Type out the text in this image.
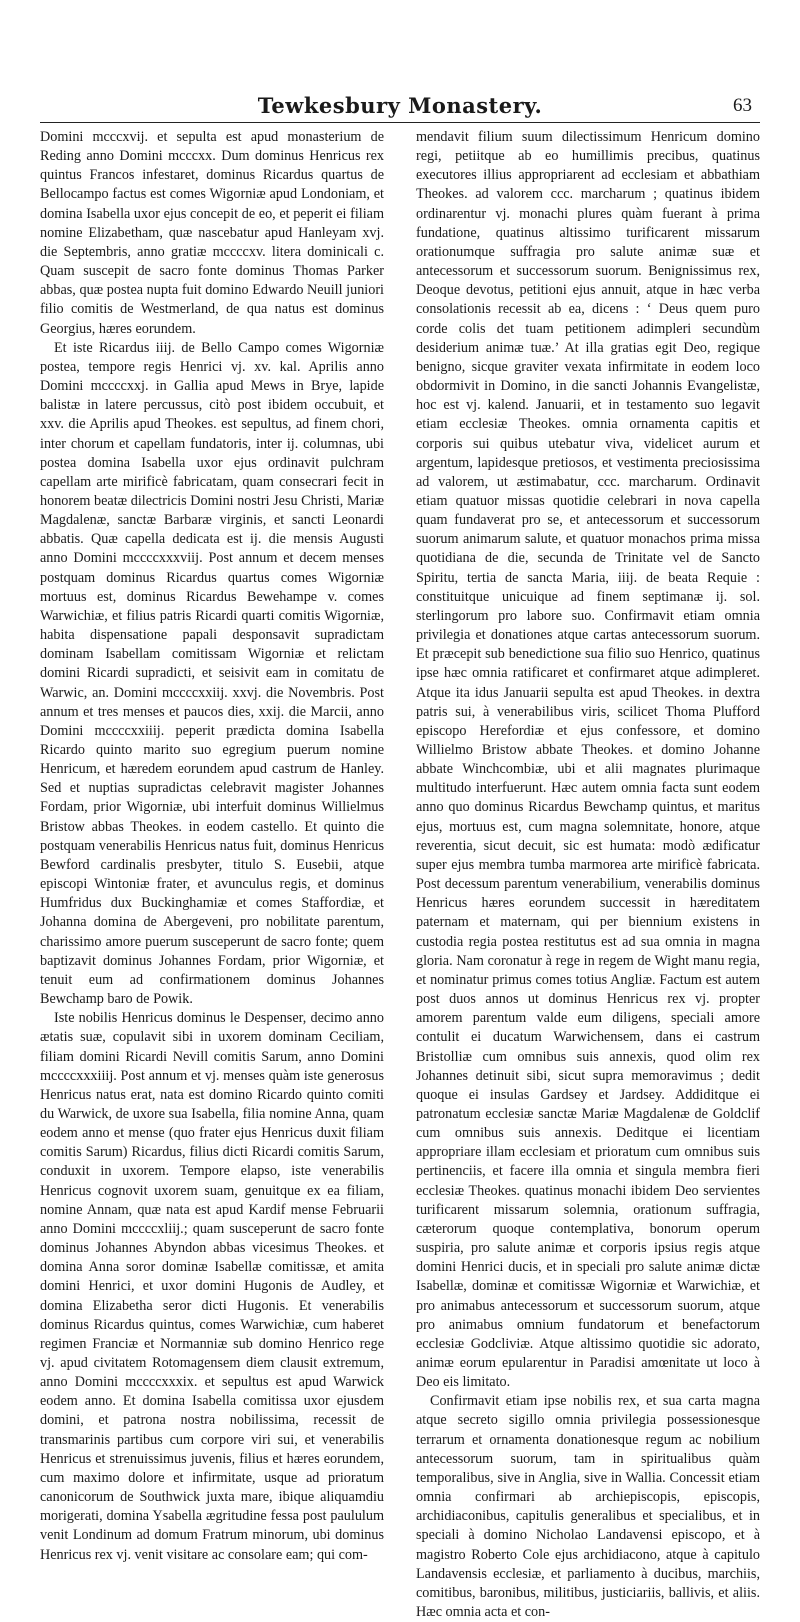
Tewkesbury Monastery.	63

Domini mcccxvij. et sepulta est apud monasterium de Reding anno Domini mcccxx. Dum dominus Henricus rex quintus Francos infestaret, dominus Ricardus quartus de Bellocampo factus est comes Wigorniæ apud Londoniam, et domina Isabella uxor ejus concepit de eo, et peperit ei filiam nomine Elizabetham, quæ nascebatur apud Hanleyam xvj. die Septembris, anno gratiæ mccccxv. litera dominicali c. Quam suscepit de sacro fonte dominus Thomas Parker abbas, quæ postea nupta fuit domino Edwardo Neuill juniori filio comitis de Westmerland, de qua natus est dominus Georgius, hæres eorundem.

Et iste Ricardus iiij. de Bello Campo comes Wigorniæ postea, tempore regis Henrici vj. xv. kal. Aprilis anno Domini mccccxxj. in Gallia apud Mews in Brye, lapide balistæ in latere percussus, citò post ibidem occubuit, et xxv. die Aprilis apud Theokes. est sepultus, ad finem chori, inter chorum et capellam fundatoris, inter ij. columnas, ubi postea domina Isabella uxor ejus ordinavit pulchram capellam arte mirificè fabricatam, quam consecrari fecit in honorem beatæ dilectricis Domini nostri Jesu Christi, Mariæ Magdalenæ, sanctæ Barbaræ virginis, et sancti Leonardi abbatis. Quæ capella dedicata est ij. die mensis Augusti anno Domini mccccxxxviij. Post annum et decem menses postquam dominus Ricardus quartus comes Wigorniæ mortuus est, dominus Ricardus Bewehampe v. comes Warwichiæ, et filius patris Ricardi quarti comitis Wigorniæ, habita dispensatione papali desponsavit supradictam dominam Isabellam comitissam Wigorniæ et relictam domini Ricardi supradicti, et seisivit eam in comitatu de Warwic, an. Domini mccccxxiij. xxvj. die Novembris. Post annum et tres menses et paucos dies, xxij. die Marcii, anno Domini mccccxxiiij. peperit prædicta domina Isabella Ricardo quinto marito suo egregium puerum nomine Henricum, et hæredem eorundem apud castrum de Hanley. Sed et nuptias supradictas celebravit magister Johannes Fordam, prior Wigorniæ, ubi interfuit dominus Willielmus Bristow abbas Theokes. in eodem castello. Et quinto die postquam venerabilis Henricus natus fuit, dominus Henricus Bewford cardinalis presbyter, titulo S. Eusebii, atque episcopi Wintoniæ frater, et avunculus regis, et dominus Humfridus dux Buckinghamiæ et comes Staffordiæ, et Johanna domina de Abergeveni, pro nobilitate parentum, charissimo amore puerum susceperunt de sacro fonte; quem baptizavit dominus Johannes Fordam, prior Wigorniæ, et tenuit eum ad confirmationem dominus Johannes Bewchamp baro de Powik.

Iste nobilis Henricus dominus le Despenser, decimo anno ætatis suæ, copulavit sibi in uxorem dominam Ceciliam, filiam domini Ricardi Nevill comitis Sarum, anno Domini mccccxxxiiij. Post annum et vj. menses quàm iste generosus Henricus natus erat, nata est domino Ricardo quinto comiti du Warwick, de uxore sua Isabella, filia nomine Anna, quam eodem anno et mense (quo frater ejus Henricus duxit filiam comitis Sarum) Ricardus, filius dicti Ricardi comitis Sarum, conduxit in uxorem. Tempore elapso, iste venerabilis Henricus cognovit uxorem suam, genuitque ex ea filiam, nomine Annam, quæ nata est apud Kardif mense Februarii anno Domini mccccxliij.; quam susceperunt de sacro fonte dominus Johannes Abyndon abbas vicesimus Theokes. et domina Anna soror dominæ Isabellæ comitissæ, et amita domini Henrici, et uxor domini Hugonis de Audley, et domina Elizabetha seror dicti Hugonis. Et venerabilis dominus Ricardus quintus, comes Warwichiæ, cum haberet regimen Franciæ et Normanniæ sub domino Henrico rege vj. apud civitatem Rotomagensem diem clausit extremum, anno Domini mccccxxxix. et sepultus est apud Warwick eodem anno. Et domina Isabella comitissa uxor ejusdem domini, et patrona nostra nobilissima, recessit de transmarinis partibus cum corpore viri sui, et venerabilis Henricus et strenuissimus juvenis, filius et hæres eorundem, cum maximo dolore et infirmitate, usque ad prioratum canonicorum de Southwick juxta mare, ibique aliquamdiu morigerati, domina Ysabella ægritudine fessa post paululum venit Londinum ad domum Fratrum minorum, ubi dominus Henricus rex vj. venit visitare ac consolare eam; qui com-

mendavit filium suum dilectissimum Henricum domino regi, petiitque ab eo humillimis precibus, quatinus executores illius appropriarent ad ecclesiam et abbathiam Theokes. ad valorem ccc. marcharum ; quatinus ibidem ordinarentur vj. monachi plures quàm fuerant à prima fundatione, quatinus altissimo turificarent missarum orationumque suffragia pro salute animæ suæ et antecessorum et successorum suorum. Benignissimus rex, Deoque devotus, petitioni ejus annuit, atque in hæc verba consolationis recessit ab ea, dicens : ‘ Deus quem puro corde colis det tuam petitionem adimpleri secundùm desiderium animæ tuæ.’ At illa gratias egit Deo, regique benigno, sicque graviter vexata infirmitate in eodem loco obdormivit in Domino, in die sancti Johannis Evangelistæ, hoc est vj. kalend. Januarii, et in testamento suo legavit etiam ecclesiæ Theokes. omnia ornamenta capitis et corporis sui quibus utebatur viva, videlicet aurum et argentum, lapidesque pretiosos, et vestimenta preciosissima ad valorem, ut æstimabatur, ccc. marcharum. Ordinavit etiam quatuor missas quotidie celebrari in nova capella quam fundaverat pro se, et antecessorum et successorum suorum animarum salute, et quatuor monachos prima missa quotidiana de die, secunda de Trinitate vel de Sancto Spiritu, tertia de sancta Maria, iiij. de beata Requie : constituitque unicuique ad finem septimanæ ij. sol. sterlingorum pro labore suo. Confirmavit etiam omnia privilegia et donationes atque cartas antecessorum suorum. Et præcepit sub benedictione sua filio suo Henrico, quatinus ipse hæc omnia ratificaret et confirmaret atque adimpleret. Atque ita idus Januarii sepulta est apud Theokes. in dextra patris sui, à venerabilibus viris, scilicet Thoma Plufford episcopo Herefordiæ et ejus confessore, et domino Willielmo Bristow abbate Theokes. et domino Johanne abbate Winchcombiæ, ubi et alii magnates plurimaque multitudo interfuerunt. Hæc autem omnia facta sunt eodem anno quo dominus Ricardus Bewchamp quintus, et maritus ejus, mortuus est, cum magna solemnitate, honore, atque reverentia, sicut decuit, sic est humata: modò ædificatur super ejus membra tumba marmorea arte mirificè fabricata. Post decessum parentum venerabilium, venerabilis dominus Henricus hæres eorundem successit in hæreditatem paternam et maternam, qui per biennium existens in custodia regia postea restitutus est ad sua omnia in magna gloria. Nam coronatur à rege in regem de Wight manu regia, et nominatur primus comes totius Angliæ. Factum est autem post duos annos ut dominus Henricus rex vj. propter amorem parentum valde eum diligens, speciali amore contulit ei ducatum Warwichensem, dans ei castrum Bristolliæ cum omnibus suis annexis, quod olim rex Johannes detinuit sibi, sicut supra memoravimus ; dedit quoque ei insulas Gardsey et Jardsey. Addiditque ei patronatum ecclesiæ sanctæ Mariæ Magdalenæ de Goldclif cum omnibus suis annexis. Deditque ei licentiam appropriare illam ecclesiam et prioratum cum omnibus suis pertinenciis, et facere illa omnia et singula membra fieri ecclesiæ Theokes. quatinus monachi ibidem Deo servientes turificarent missarum solemnia, orationum suffragia, cæterorum quoque contemplativa, bonorum operum suspiria, pro salute animæ et corporis ipsius regis atque domini Henrici ducis, et in speciali pro salute animæ dictæ Isabellæ, dominæ et comitissæ Wigorniæ et Warwichiæ, et pro animabus antecessorum et successorum suorum, atque pro animabus omnium fundatorum et benefactorum ecclesiæ Godcliviæ. Atque altissimo quotidie sic adorato, animæ eorum epularentur in Paradisi amœnitate ut loco à Deo eis limitato.

Confirmavit etiam ipse nobilis rex, et sua carta magna atque secreto sigillo omnia privilegia possessionesque terrarum et ornamenta donationesque regum ac nobilium antecessorum suorum, tam in spiritualibus quàm temporalibus, sive in Anglia, sive in Wallia. Concessit etiam omnia confirmari ab archiepiscopis, episcopis, archidiaconibus, capitulis generalibus et specialibus, et in speciali à domino Nicholao Landavensi episcopo, et à magistro Roberto Cole ejus archidiacono, atque à capitulo Landavensis ecclesiæ, et parliamento à ducibus, marchiis, comitibus, baronibus, militibus, justiciariis, ballivis, et aliis. Hæc omnia acta et con-
